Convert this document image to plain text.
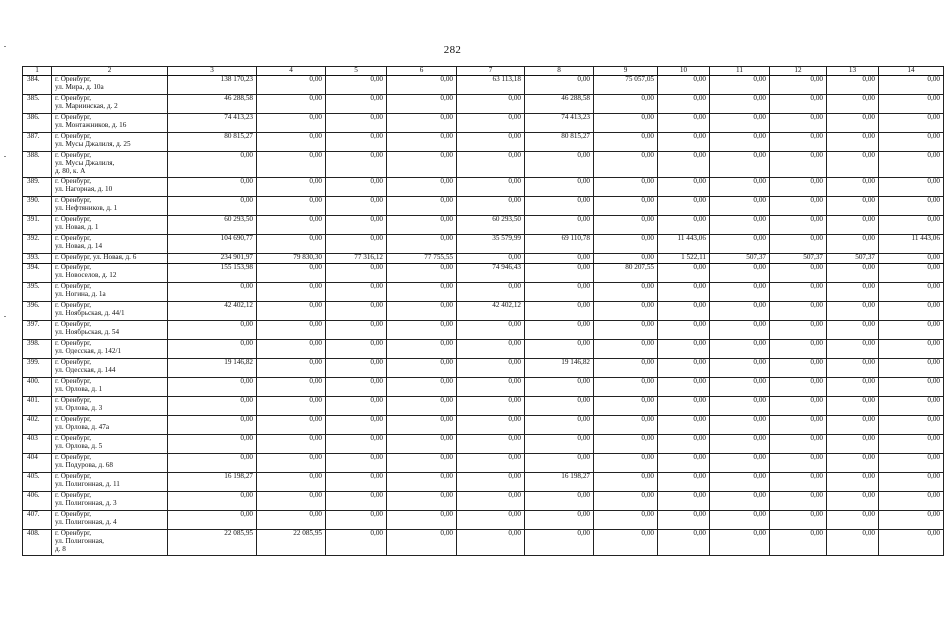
282
1	2	3	4	5	6	7	8	9	10	11	12	13	14
384.	г. Оренбург,
ул. Мира, д. 10а	138 170,23	0,00	0,00	0,00	63 113,18	0,00	75 057,05	0,00	0,00	0,00	0,00	0,00
385.	г. Оренбург,
ул. Мариинская, д. 2	46 288,58	0,00	0,00	0,00	0,00	46 288,58	0,00	0,00	0,00	0,00	0,00	0,00
386.	г. Оренбург,
ул. Монтажников, д. 16	74 413,23	0,00	0,00	0,00	0,00	74 413,23	0,00	0,00	0,00	0,00	0,00	0,00
387.	г. Оренбург,
ул. Мусы Джалиля, д. 25	80 815,27	0,00	0,00	0,00	0,00	80 815,27	0,00	0,00	0,00	0,00	0,00	0,00
388.	г. Оренбург,
ул. Мусы Джалиля,
д. 80, к. А	0,00	0,00	0,00	0,00	0,00	0,00	0,00	0,00	0,00	0,00	0,00	0,00
389.	г. Оренбург,
ул. Нагорная, д. 10	0,00	0,00	0,00	0,00	0,00	0,00	0,00	0,00	0,00	0,00	0,00	0,00
390.	г. Оренбург,
ул. Нефтяников, д. 1	0,00	0,00	0,00	0,00	0,00	0,00	0,00	0,00	0,00	0,00	0,00	0,00
391.	г. Оренбург,
ул. Новая, д. 1	60 293,50	0,00	0,00	0,00	60 293,50	0,00	0,00	0,00	0,00	0,00	0,00	0,00
392.	г. Оренбург,
ул. Новая, д. 14	104 690,77	0,00	0,00	0,00	35 579,99	69 110,78	0,00	11 443,06	0,00	0,00	0,00	11 443,06
393.	г. Оренбург, ул. Новая, д. 6	234 901,97	79 830,30	77 316,12	77 755,55	0,00	0,00	0,00	1 522,11	507,37	507,37	507,37	0,00
394.	г. Оренбург,
ул. Новоселов, д. 12	155 153,98	0,00	0,00	0,00	74 946,43	0,00	80 207,55	0,00	0,00	0,00	0,00	0,00
395.	г. Оренбург,
ул. Ногина, д. 1а	0,00	0,00	0,00	0,00	0,00	0,00	0,00	0,00	0,00	0,00	0,00	0,00
396.	г. Оренбург,
ул. Ноябрьская, д. 44/1	42 402,12	0,00	0,00	0,00	42 402,12	0,00	0,00	0,00	0,00	0,00	0,00	0,00
397.	г. Оренбург,
ул. Ноябрьская, д. 54	0,00	0,00	0,00	0,00	0,00	0,00	0,00	0,00	0,00	0,00	0,00	0,00
398.	г. Оренбург,
ул. Одесская, д. 142/1	0,00	0,00	0,00	0,00	0,00	0,00	0,00	0,00	0,00	0,00	0,00	0,00
399.	г. Оренбург,
ул. Одесская, д. 144	19 146,82	0,00	0,00	0,00	0,00	19 146,82	0,00	0,00	0,00	0,00	0,00	0,00
400.	г. Оренбург,
ул. Орлова, д. 1	0,00	0,00	0,00	0,00	0,00	0,00	0,00	0,00	0,00	0,00	0,00	0,00
401.	г. Оренбург,
ул. Орлова, д. 3	0,00	0,00	0,00	0,00	0,00	0,00	0,00	0,00	0,00	0,00	0,00	0,00
402.	г. Оренбург,
ул. Орлова, д. 47а	0,00	0,00	0,00	0,00	0,00	0,00	0,00	0,00	0,00	0,00	0,00	0,00
403	г. Оренбург,
ул. Орлова, д. 5	0,00	0,00	0,00	0,00	0,00	0,00	0,00	0,00	0,00	0,00	0,00	0,00
404	г. Оренбург,
ул. Подурова, д. 68	0,00	0,00	0,00	0,00	0,00	0,00	0,00	0,00	0,00	0,00	0,00	0,00
405.	г. Оренбург,
ул. Полигонная, д. 11	16 198,27	0,00	0,00	0,00	0,00	16 198,27	0,00	0,00	0,00	0,00	0,00	0,00
406.	г. Оренбург,
ул. Полигонная, д. 3	0,00	0,00	0,00	0,00	0,00	0,00	0,00	0,00	0,00	0,00	0,00	0,00
407.	г. Оренбург,
ул. Полигонная, д. 4	0,00	0,00	0,00	0,00	0,00	0,00	0,00	0,00	0,00	0,00	0,00	0,00
408.	г. Оренбург,
ул. Полигонная,
д. 8	22 085,95	22 085,95	0,00	0,00	0,00	0,00	0,00	0,00	0,00	0,00	0,00	0,00
